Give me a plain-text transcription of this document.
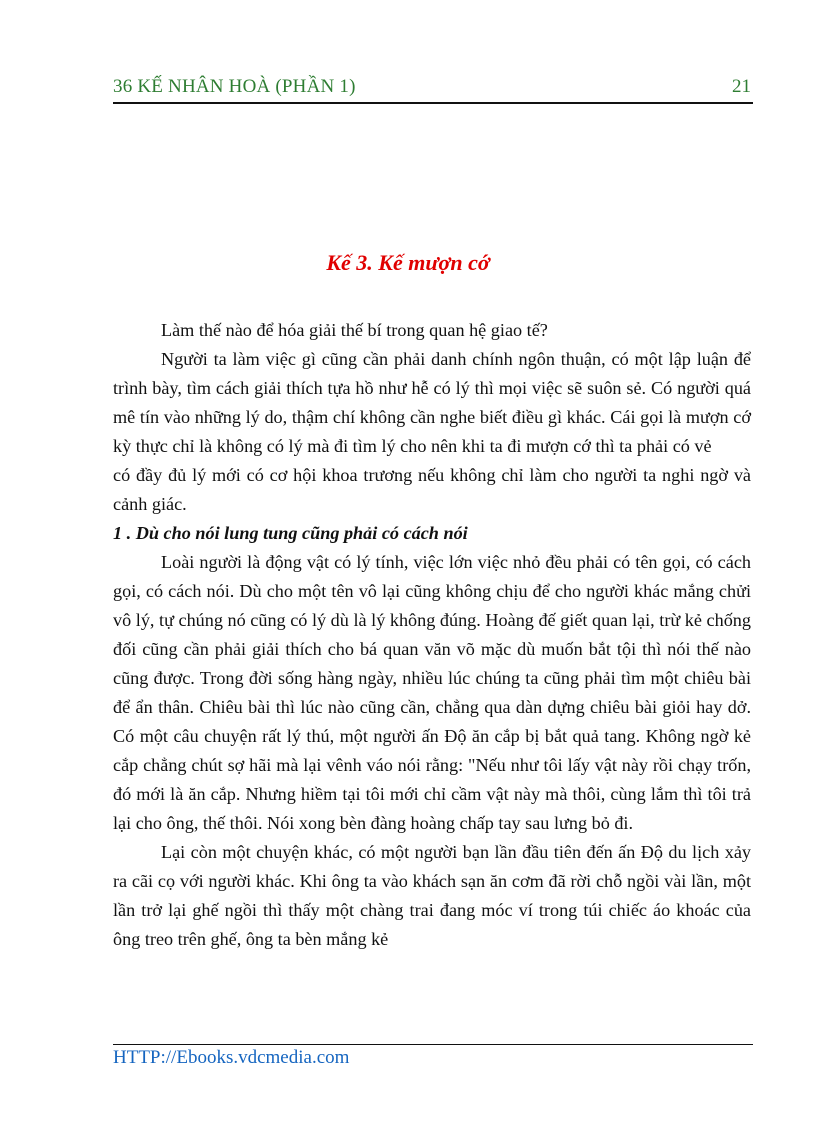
36 KẾ NHÂN HOÀ (PHẦN 1)	21
Kế 3. Kế mượn cớ

Làm thế nào để hóa giải thế bí trong quan hệ giao tế?

Người ta làm việc gì cũng cần phải danh chính ngôn thuận, có một lập luận để trình bày, tìm cách giải thích tựa hồ như hễ có lý thì mọi việc sẽ suôn sẻ. Có người quá mê tín vào những lý do, thậm chí không cần nghe biết điều gì khác. Cái gọi là mượn cớ kỳ thực chỉ là không có lý mà đi tìm lý cho nên khi ta đi mượn cớ thì ta phải có vẻ

có đầy đủ lý mới có cơ hội khoa trương nếu không chỉ làm cho người ta nghi ngờ và cảnh giác.

1 . Dù cho nói lung tung cũng phải có cách nói

Loài người là động vật có lý tính, việc lớn việc nhỏ đều phải có tên gọi, có cách gọi, có cách nói. Dù cho một tên vô lại cũng không chịu để cho người khác mắng chửi vô lý, tự chúng nó cũng có lý dù là lý không đúng. Hoàng đế giết quan lại, trừ kẻ chống đối cũng cần phải giải thích cho bá quan văn võ mặc dù muốn bắt tội thì nói thế nào cũng được. Trong đời sống hàng ngày, nhiều lúc chúng ta cũng phải tìm một chiêu bài để ẩn thân. Chiêu bài thì lúc nào cũng cần, chẳng qua dàn dựng chiêu bài giỏi hay dở. Có một câu chuyện rất lý thú, một người ấn Độ ăn cắp bị bắt quả tang. Không ngờ kẻ cắp chẳng chút sợ hãi mà lại vênh váo nói rằng: "Nếu như tôi lấy vật này rồi chạy trốn, đó mới là ăn cắp. Nhưng hiềm tại tôi mới chỉ cầm vật này mà thôi, cùng lắm thì tôi trả lại cho ông, thế thôi. Nói xong bèn đàng hoàng chấp tay sau lưng bỏ đi.

Lại còn một chuyện khác, có một người bạn lần đầu tiên đến ấn Độ du lịch xảy ra cãi cọ với người khác. Khi ông ta vào khách sạn ăn cơm đã rời chỗ ngồi vài lần, một lần trở lại ghế ngồi thì thấy một chàng trai đang móc ví trong túi chiếc áo khoác của ông treo trên ghế, ông ta bèn mắng kẻ

HTTP://Ebooks.vdcmedia.com
